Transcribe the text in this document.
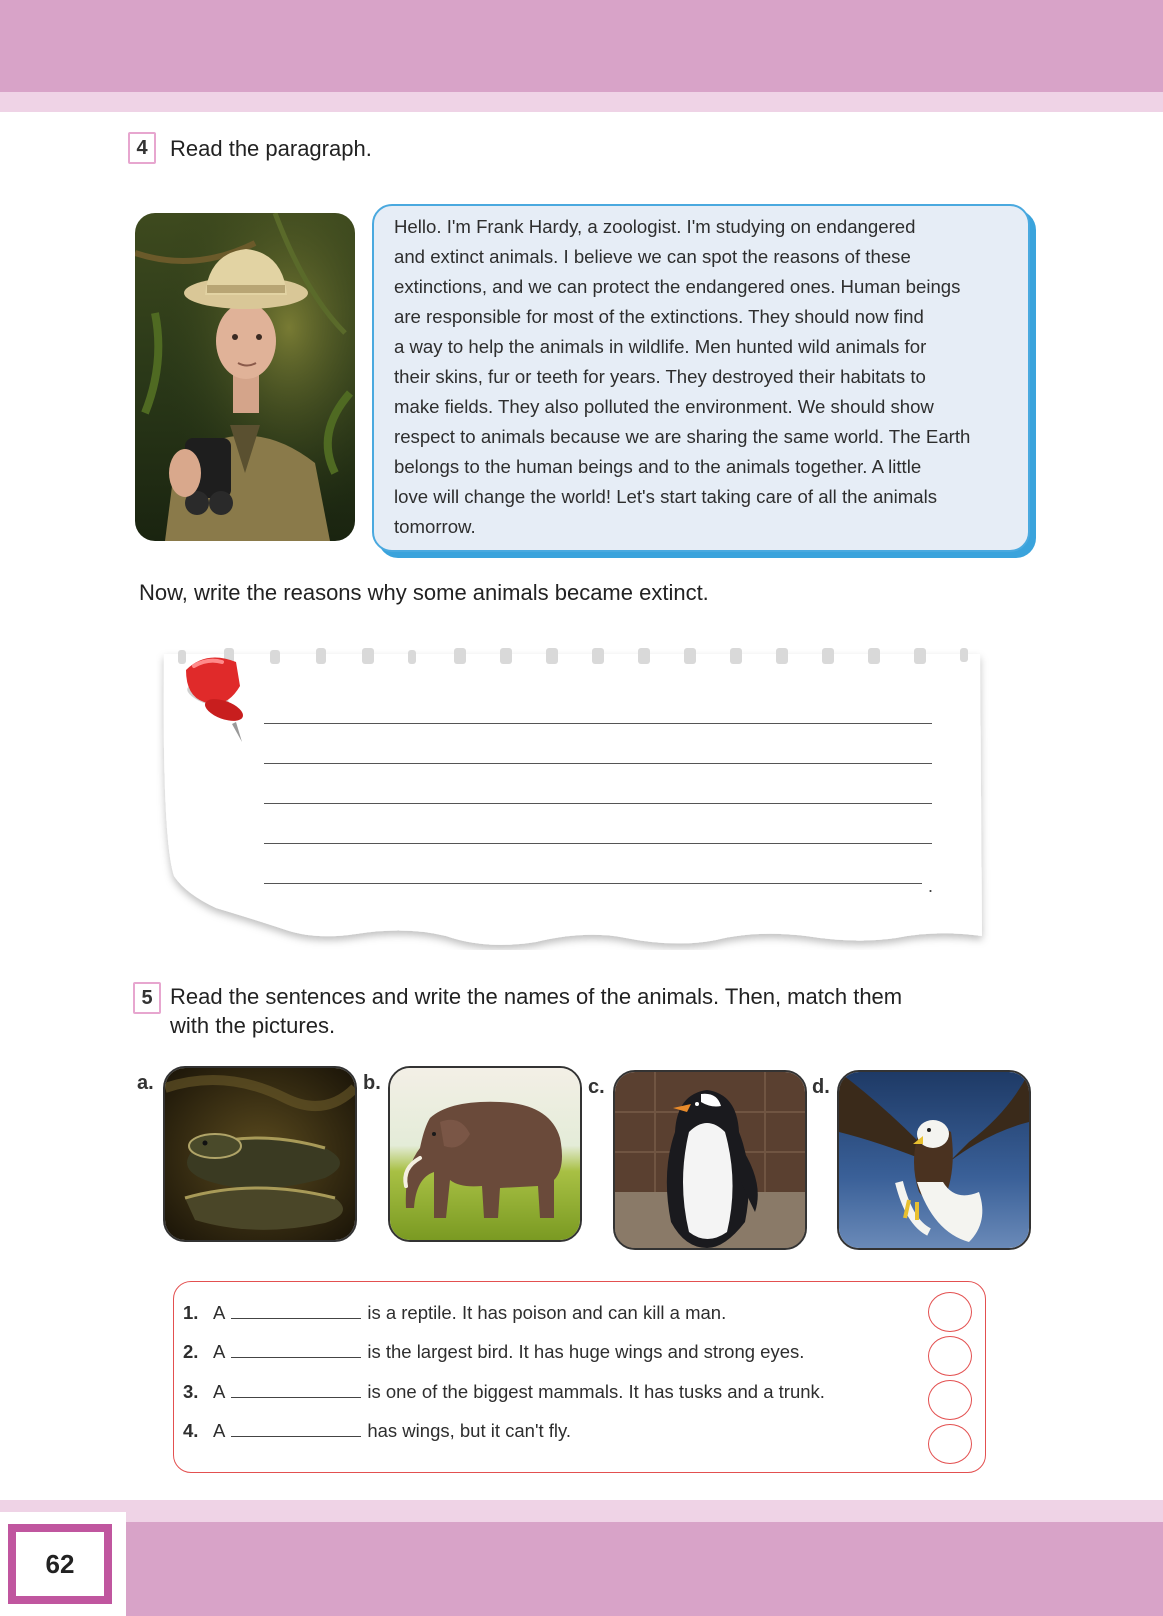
4	Read the paragraph.
Hello. I'm Frank Hardy, a zoologist. I'm studying on endangered
and extinct animals. I believe we can spot the reasons of these
extinctions, and we can protect the endangered ones. Human beings
are responsible for most of the extinctions. They should now find
a way to help the animals in wildlife. Men hunted wild animals for
their skins, fur or teeth for years. They destroyed their habitats to
make fields. They also polluted the environment. We should show
respect to animals because we are sharing the same world. The Earth
belongs to the human beings and to the animals together. A little
love will change the world! Let's start taking care of all the animals
tomorrow.
Now, write the reasons why some animals became extinct.
.
5 Read the sentences and write the names of the animals. Then, match them
with the pictures.
a.	b.	c.	d.
1. A	is a reptile. It has poison and can kill a man.
2. A	is the largest bird. It has huge wings and strong eyes.
3. A	is one of the biggest mammals. It has tusks and a trunk.
4. A	has wings, but it can't fly.
62
